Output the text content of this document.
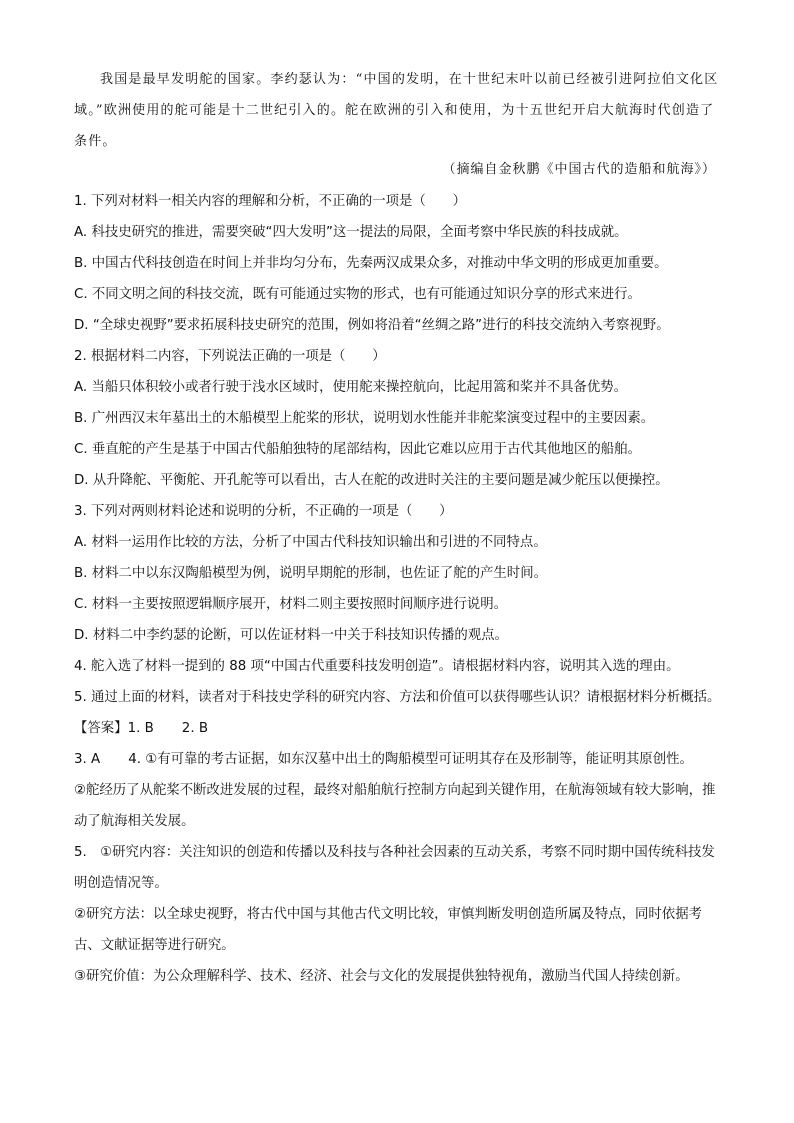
我国是最早发明舵的国家。李约瑟认为：“中国的发明，在十世纪末叶以前已经被引进阿拉伯文化区
域。”欧洲使用的舵可能是十二世纪引入的。舵在欧洲的引入和使用，为十五世纪开启大航海时代创造了
条件。
（摘编自金秋鹏《中国古代的造船和航海》）
1. 下列对材料一相关内容的理解和分析，不正确的一项是（　　）
A. 科技史研究的推进，需要突破“四大发明”这一提法的局限，全面考察中华民族的科技成就。
B. 中国古代科技创造在时间上并非均匀分布，先秦两汉成果众多，对推动中华文明的形成更加重要。
C. 不同文明之间的科技交流，既有可能通过实物的形式，也有可能通过知识分享的形式来进行。
D. “全球史视野”要求拓展科技史研究的范围，例如将沿着“丝绸之路”进行的科技交流纳入考察视野。
2. 根据材料二内容，下列说法正确的一项是（　　）
A. 当船只体积较小或者行驶于浅水区域时，使用舵来操控航向，比起用篙和桨并不具备优势。
B. 广州西汉末年墓出土的木船模型上舵桨的形状，说明划水性能并非舵桨演变过程中的主要因素。
C. 垂直舵的产生是基于中国古代船舶独特的尾部结构，因此它难以应用于古代其他地区的船舶。
D. 从升降舵、平衡舵、开孔舵等可以看出，古人在舵的改进时关注的主要问题是减少舵压以便操控。
3. 下列对两则材料论述和说明的分析，不正确的一项是（　　）
A. 材料一运用作比较的方法，分析了中国古代科技知识输出和引进的不同特点。
B. 材料二中以东汉陶船模型为例，说明早期舵的形制，也佐证了舵的产生时间。
C. 材料一主要按照逻辑顺序展开，材料二则主要按照时间顺序进行说明。
D. 材料二中李约瑟的论断，可以佐证材料一中关于科技知识传播的观点。
4. 舵入选了材料一提到的 88 项“中国古代重要科技发明创造”。请根据材料内容，说明其入选的理由。
5. 通过上面的材料，读者对于科技史学科的研究内容、方法和价值可以获得哪些认识？请根据材料分析概括。
【答案】1. B 2. B
3. A 4. ①有可靠的考古证据，如东汉墓中出土的陶船模型可证明其存在及形制等，能证明其原创性。
②舵经历了从舵桨不断改进发展的过程，最终对船舶航行控制方向起到关键作用，在航海领域有较大影响，推动了航海相关发展。
5.　①研究内容：关注知识的创造和传播以及科技与各种社会因素的互动关系，考察不同时期中国传统科技发明创造情况等。
②研究方法：以全球史视野，将古代中国与其他古代文明比较，审慎判断发明创造所属及特点，同时依据考古、文献证据等进行研究。
③研究价值：为公众理解科学、技术、经济、社会与文化的发展提供独特视角，激励当代国人持续创新。
